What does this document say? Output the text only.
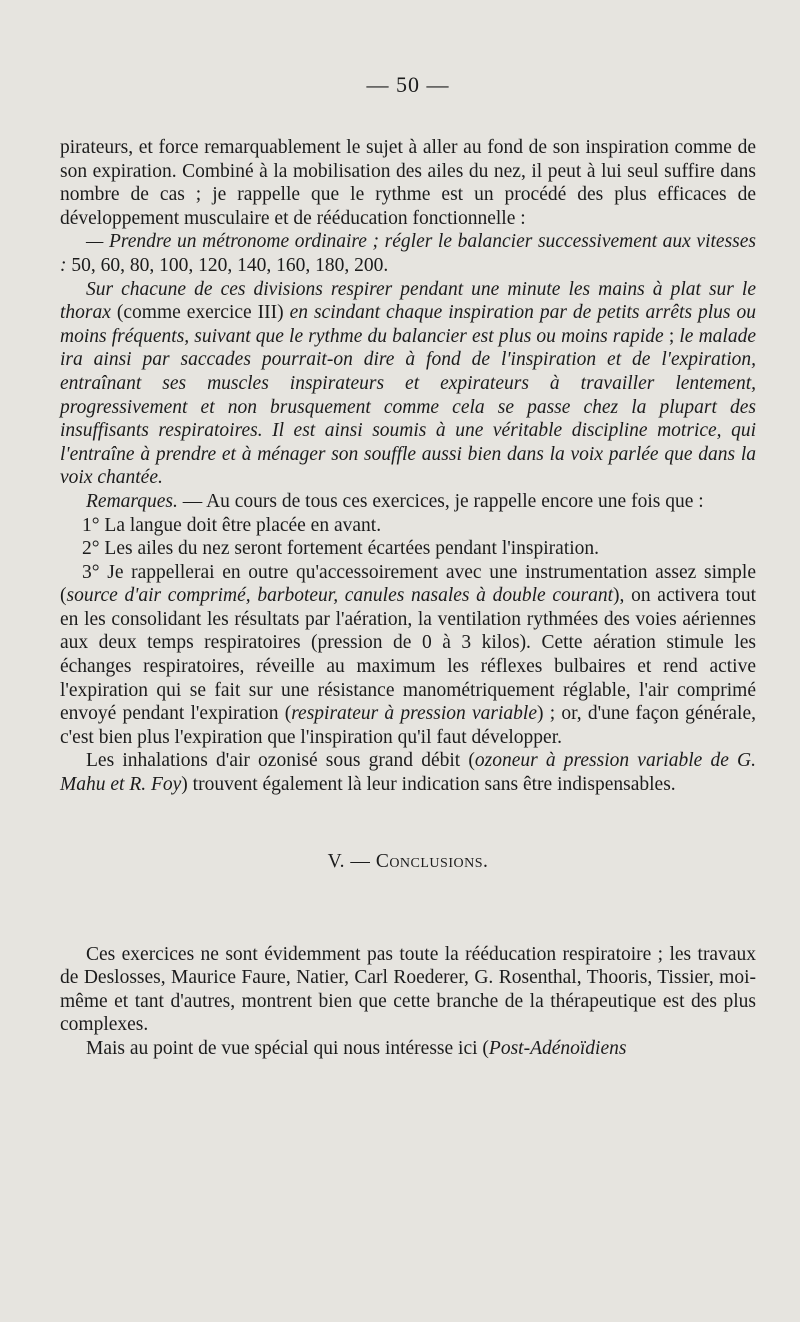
— 50 —

pirateurs, et force remarquablement le sujet à aller au fond de son inspiration comme de son expiration. Combiné à la mobilisation des ailes du nez, il peut à lui seul suffire dans nombre de cas ; je rappelle que le rythme est un procédé des plus efficaces de développement musculaire et de rééducation fonctionnelle :

— Prendre un métronome ordinaire ; régler le balancier successivement aux vitesses : 50, 60, 80, 100, 120, 140, 160, 180, 200.

Sur chacune de ces divisions respirer pendant une minute les mains à plat sur le thorax (comme exercice III) en scindant chaque inspiration par de petits arrêts plus ou moins fréquents, suivant que le rythme du balancier est plus ou moins rapide ; le malade ira ainsi par saccades pourrait-on dire à fond de l'inspiration et de l'expiration, entraînant ses muscles inspirateurs et expirateurs à travailler lentement, progressivement et non brusquement comme cela se passe chez la plupart des insuffisants respiratoires. Il est ainsi soumis à une véritable discipline motrice, qui l'entraîne à prendre et à ménager son souffle aussi bien dans la voix parlée que dans la voix chantée.

Remarques. — Au cours de tous ces exercices, je rappelle encore une fois que :

1° La langue doit être placée en avant.

2° Les ailes du nez seront fortement écartées pendant l'inspiration.

3° Je rappellerai en outre qu'accessoirement avec une instrumentation assez simple (source d'air comprimé, barboteur, canules nasales à double courant), on activera tout en les consolidant les résultats par l'aération, la ventilation rythmées des voies aériennes aux deux temps respiratoires (pression de 0 à 3 kilos). Cette aération stimule les échanges respiratoires, réveille au maximum les réflexes bulbaires et rend active l'expiration qui se fait sur une résistance manométriquement réglable, l'air comprimé envoyé pendant l'expiration (respirateur à pression variable) ; or, d'une façon générale, c'est bien plus l'expiration que l'inspiration qu'il faut développer.

Les inhalations d'air ozonisé sous grand débit (ozoneur à pression variable de G. Mahu et R. Foy) trouvent également là leur indication sans être indispensables.

V. — Conclusions.

Ces exercices ne sont évidemment pas toute la rééducation respiratoire ; les travaux de Deslosses, Maurice Faure, Natier, Carl Roederer, G. Rosenthal, Thooris, Tissier, moi-même et tant d'autres, montrent bien que cette branche de la thérapeutique est des plus complexes.

Mais au point de vue spécial qui nous intéresse ici (Post-Adénoïdiens
